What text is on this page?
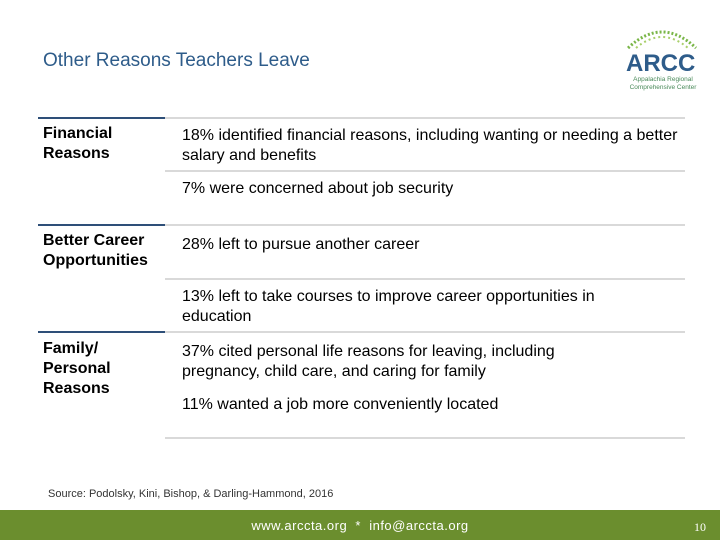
Other Reasons Teachers Leave	ARCC
Appalachia Regional Comprehensive Center
Financial Reasons
18% identified financial reasons, including wanting or needing a better salary and benefits
7% were concerned about job security
Better Career Opportunities
28% left to pursue another career
13% left to take courses to improve career opportunities in education
Family/ Personal Reasons
37% cited personal life reasons for leaving, including pregnancy, child care, and caring for family
11% wanted a job more conveniently located
Source: Podolsky, Kini, Bishop, & Darling-Hammond, 2016
www.arccta.org  *  info@arccta.org	10
